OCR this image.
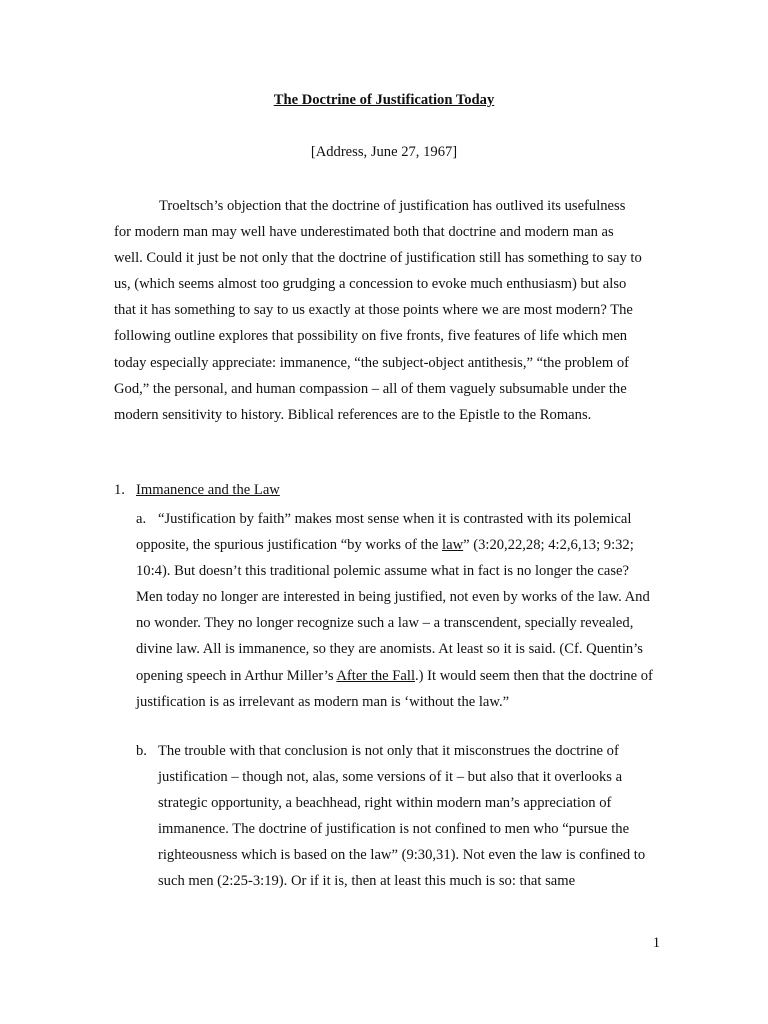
The Doctrine of Justification Today
[Address, June 27, 1967]

Troeltsch’s objection that the doctrine of justification has outlived its usefulness for modern man may well have underestimated both that doctrine and modern man as well. Could it just be not only that the doctrine of justification still has something to say to us, (which seems almost too grudging a concession to evoke much enthusiasm) but also that it has something to say to us exactly at those points where we are most modern? The following outline explores that possibility on five fronts, five features of life which men today especially appreciate: immanence, “the subject-object antithesis,” “the problem of God,” the personal, and human compassion – all of them vaguely subsumable under the modern sensitivity to history. Biblical references are to the Epistle to the Romans.

1. Immanence and the Law

a. “Justification by faith” makes most sense when it is contrasted with its polemical opposite, the spurious justification “by works of the law” (3:20,22,28; 4:2,6,13; 9:32; 10:4). But doesn’t this traditional polemic assume what in fact is no longer the case? Men today no longer are interested in being justified, not even by works of the law. And no wonder. They no longer recognize such a law – a transcendent, specially revealed, divine law. All is immanence, so they are anomists. At least so it is said. (Cf. Quentin’s opening speech in Arthur Miller’s After the Fall.) It would seem then that the doctrine of justification is as irrelevant as modern man is ‘without the law.”

b. The trouble with that conclusion is not only that it misconstrues the doctrine of justification – though not, alas, some versions of it – but also that it overlooks a strategic opportunity, a beachhead, right within modern man’s appreciation of immanence. The doctrine of justification is not confined to men who “pursue the righteousness which is based on the law” (9:30,31). Not even the law is confined to such men (2:25-3:19). Or if it is, then at least this much is so: that same

1
